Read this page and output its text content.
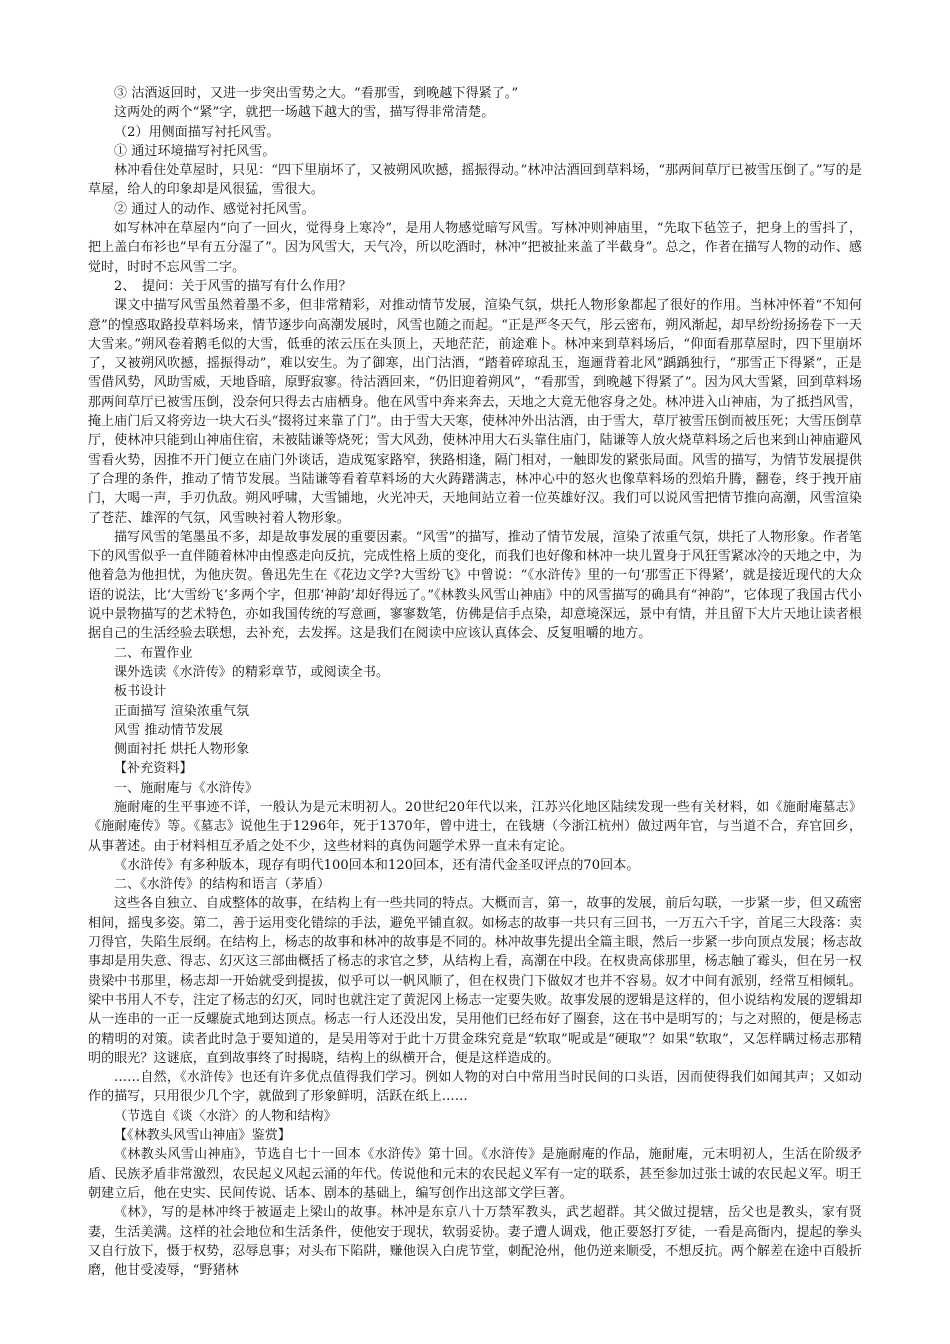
③ 沽酒返回时，又进一步突出雪势之大。“看那雪，到晚越下得紧了。”

这两处的两个“紧”字，就把一场越下越大的雪，描写得非常清楚。

（2）用侧面描写衬托风雪。

① 通过环境描写衬托风雪。

林冲看住处草屋时，只见：“四下里崩坏了，又被朔风吹撼，摇振得动。”林冲沽酒回到草料场，“那两间草厅已被雪压倒了。”写的是草屋，给人的印象却是风很猛，雪很大。

② 通过人的动作、感觉衬托风雪。

如写林冲在草屋内“向了一回火，觉得身上寒冷”，是用人物感觉暗写风雪。写林冲则神庙里，“先取下毡笠子，把身上的雪抖了，把上盖白布衫也“早有五分湿了”。因为风雪大，天气冷，所以吃酒时，林冲“把被扯来盖了半截身”。总之，作者在描写人物的动作、感觉时，时时不忘风雪二字。

2、　提问：关于风雪的描写有什么作用？

课文中描写风雪虽然着墨不多，但非常精彩，对推动情节发展，渲染气氛，烘托人物形象都起了很好的作用。当林冲怀着“不知何意”的惶惑取路投草料场来，情节逐步向高潮发展时，风雪也随之而起。“正是严冬天气，彤云密布，朔风渐起，却早纷纷扬扬卷下一天大雪来。”朔风卷着鹅毛似的大雪，低垂的浓云压在头顶上，天地茫茫，前途难卜。林冲来到草料场后，“仰面看那草屋时，四下里崩坏了，又被朔风吹撼，摇振得动”，难以安生。为了御寒，出门沽酒，“踏着碎琼乱玉，迤逦背着北风”踽踽独行，“那雪正下得紧”，正是雪借风势，风助雪威，天地昏暗，原野寂寥。待沽酒回来，“仍旧迎着朔风”，“看那雪，到晚越下得紧了”。因为风大雪紧，回到草料场那两间草厅已被雪压倒，没奈何只得去古庙栖身。他在风雪中奔来奔去，天地之大竟无他容身之处。林冲进入山神庙，为了抵挡风雪，掩上庙门后又将旁边一块大石头“掇将过来靠了门”。由于雪大天寒，使林冲外出沽酒，由于雪大，草厅被雪压倒而被压死；大雪压倒草厅，使林冲只能到山神庙住宿，未被陆谦等烧死；雪大风劲，使林冲用大石头靠住庙门，陆谦等人放火烧草料场之后也来到山神庙避风雪看火势，因推不开门便立在庙门外谈话，造成冤家路窄，狭路相逢，隔门相对，一触即发的紧张局面。风雪的描写，为情节发展提供了合理的条件，推动了情节发展。当陆谦等看着草料场的大火踌躇满志，林冲心中的怒火也像草料场的烈焰升腾，翻卷，终于拽开庙门，大喝一声，手刃仇敌。朔风呼啸，大雪铺地，火光冲天，天地间站立着一位英雄好汉。我们可以说风雪把情节推向高潮，风雪渲染了苍茫、雄浑的气氛，风雪映衬着人物形象。

描写风雪的笔墨虽不多，却是故事发展的重要因素。“风雪”的描写，推动了情节发展，渲染了浓重气氛，烘托了人物形象。作者笔下的风雪似乎一直伴随着林冲由惶惑走向反抗，完成性格上质的变化，而我们也好像和林冲一块儿置身于风狂雪紧冰冷的天地之中，为他着急为他担忧，为他庆贺。鲁迅先生在《花边文学?大雪纷飞》中曾说：“《水浒传》里的一句‘那雪正下得紧’，就是接近现代的大众语的说法，比‘大雪纷飞’多两个字，但那‘神韵’却好得远了。”《林教头风雪山神庙》中的风雪描写的确具有“神韵”，它体现了我国古代小说中景物描写的艺术特色，亦如我国传统的写意画，寥寥数笔，仿佛是信手点染，却意境深远，景中有情，并且留下大片天地让读者根据自己的生活经验去联想，去补充，去发挥。这是我们在阅读中应该认真体会、反复咀嚼的地方。

二、布置作业

课外选读《水浒传》的精彩章节，或阅读全书。

板书设计

正面描写 渲染浓重气氛

风雪 推动情节发展

侧面衬托 烘托人物形象

【补充资料】

一、施耐庵与《水浒传》

施耐庵的生平事迹不详，一般认为是元末明初人。20世纪20年代以来，江苏兴化地区陆续发现一些有关材料，如《施耐庵墓志》《施耐庵传》等。《墓志》说他生于1296年，死于1370年，曾中进士，在钱塘（今浙江杭州）做过两年官，与当道不合，弃官回乡，从事著述。由于材料相互矛盾之处不少，这些材料的真伪问题学术界一直未有定论。

《水浒传》有多种版本，现存有明代100回本和120回本，还有清代金圣叹评点的70回本。

二、《水浒传》的结构和语言（茅盾）

这些各自独立、自成整体的故事，在结构上有一些共同的特点。大概而言，第一，故事的发展，前后勾联，一步紧一步，但又疏密相间，摇曳多姿。第二，善于运用变化错综的手法，避免平铺直叙。如杨志的故事一共只有三回书，一万五六千字，首尾三大段落：卖刀得官，失陷生辰纲。在结构上，杨志的故事和林冲的故事是不同的。林冲故事先提出全篇主眼，然后一步紧一步向顶点发展；杨志故事却是用失意、得志、幻灭这三部曲概括了杨志的求官之梦，从结构上看，高潮在中段。在权贵高俅那里，杨志触了霉头，但在另一权贵梁中书那里，杨志却一开始就受到提拔，似乎可以一帆风顺了，但在权贵门下做奴才也并不容易。奴才中间有派别，经常互相倾轧。梁中书用人不专，注定了杨志的幻灭，同时也就注定了黄泥冈上杨志一定要失败。故事发展的逻辑是这样的，但小说结构发展的逻辑却从一连串的一正一反螺旋式地到达顶点。杨志一行人还没出发，吴用他们已经布好了圈套，这在书中是明写的；与之对照的，便是杨志的精明的对策。读者此时急于要知道的，是吴用等对于此十万贯金珠究竟是“软取”呢或是“硬取”？如果“软取”，又怎样瞒过杨志那精明的眼光？这谜底，直到故事终了时揭晓，结构上的纵横开合，便是这样造成的。

……自然，《水浒传》也还有许多优点值得我们学习。例如人物的对白中常用当时民间的口头语，因而使得我们如闻其声；又如动作的描写，只用很少几个字，就做到了形象鲜明，活跃在纸上……

（节选自《谈〈水浒〉的人物和结构》

【《林教头风雪山神庙》鉴赏】

《林教头风雪山神庙》，节选自七十一回本《水浒传》第十回。《水浒传》是施耐庵的作品，施耐庵，元末明初人，生活在阶级矛盾、民族矛盾非常激烈，农民起义风起云涌的年代。传说他和元末的农民起义军有一定的联系，甚至参加过张士诚的农民起义军。明王朝建立后，他在史实、民间传说、话本、剧本的基础上，编写创作出这部文学巨著。

《林》，写的是林冲终于被逼走上梁山的故事。林冲是东京八十万禁军教头，武艺超群。其父做过提辖，岳父也是教头，家有贤妻，生活美满。这样的社会地位和生活条件，使他安于现状，软弱妥协。妻子遭人调戏，他正要怒打歹徒，一看是高衙内，提起的拳头又自行放下，慑于权势，忍辱息事；对头布下陷阱，赚他误入白虎节堂，刺配沧州，他仍逆来顺受，不想反抗。两个解差在途中百般折磨，他甘受凌辱，“野猪林
